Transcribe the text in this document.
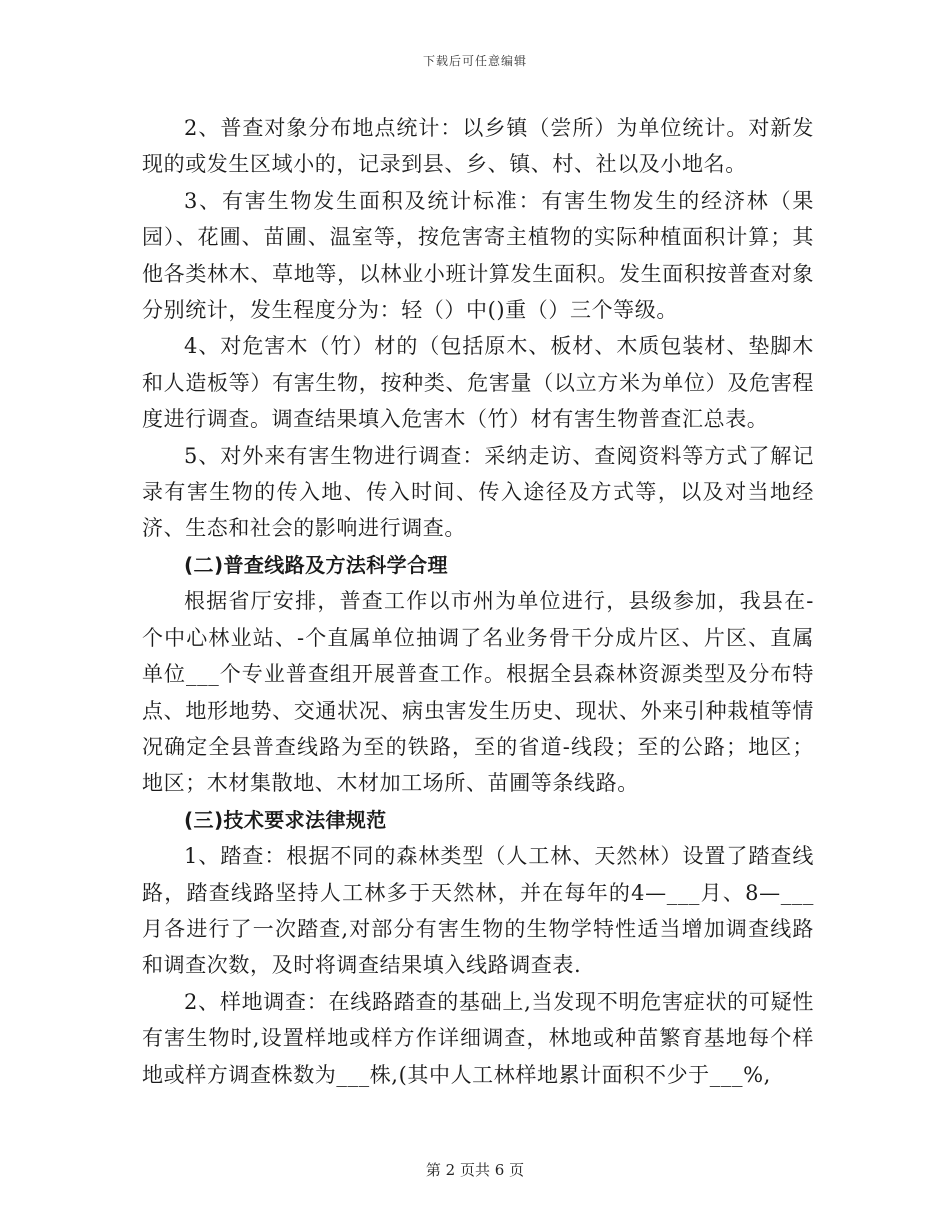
下载后可任意编辑

2、普查对象分布地点统计：以乡镇（尝所）为单位统计。对新发现的或发生区域小的，记录到县、乡、镇、村、社以及小地名。

3、有害生物发生面积及统计标准：有害生物发生的经济林（果园）、花圃、苗圃、温室等，按危害寄主植物的实际种植面积计算；其他各类林木、草地等，以林业小班计算发生面积。发生面积按普查对象分别统计，发生程度分为：轻（）中()重（）三个等级。

4、对危害木（竹）材的（包括原木、板材、木质包装材、垫脚木和人造板等）有害生物，按种类、危害量（以立方米为单位）及危害程度进行调查。调查结果填入危害木（竹）材有害生物普查汇总表。

5、对外来有害生物进行调查：采纳走访、查阅资料等方式了解记录有害生物的传入地、传入时间、传入途径及方式等，以及对当地经济、生态和社会的影响进行调查。

(二)普查线路及方法科学合理

根据省厅安排，普查工作以市州为单位进行，县级参加，我县在-个中心林业站、-个直属单位抽调了名业务骨干分成片区、片区、直属单位___个专业普查组开展普查工作。根据全县森林资源类型及分布特点、地形地势、交通状况、病虫害发生历史、现状、外来引种栽植等情况确定全县普查线路为至的铁路，至的省道-线段；至的公路；地区；地区；木材集散地、木材加工场所、苗圃等条线路。

(三)技术要求法律规范

1、踏查：根据不同的森林类型（人工林、天然林）设置了踏查线路，踏查线路坚持人工林多于天然林，并在每年的4—___月、8—___月各进行了一次踏查,对部分有害生物的生物学特性适当增加调查线路和调查次数，及时将调查结果填入线路调查表.

2、样地调查：在线路踏查的基础上,当发现不明危害症状的可疑性有害生物时,设置样地或样方作详细调查，林地或种苗繁育基地每个样地或样方调查株数为___株,(其中人工林样地累计面积不少于___%,

第 2 页共 6 页
